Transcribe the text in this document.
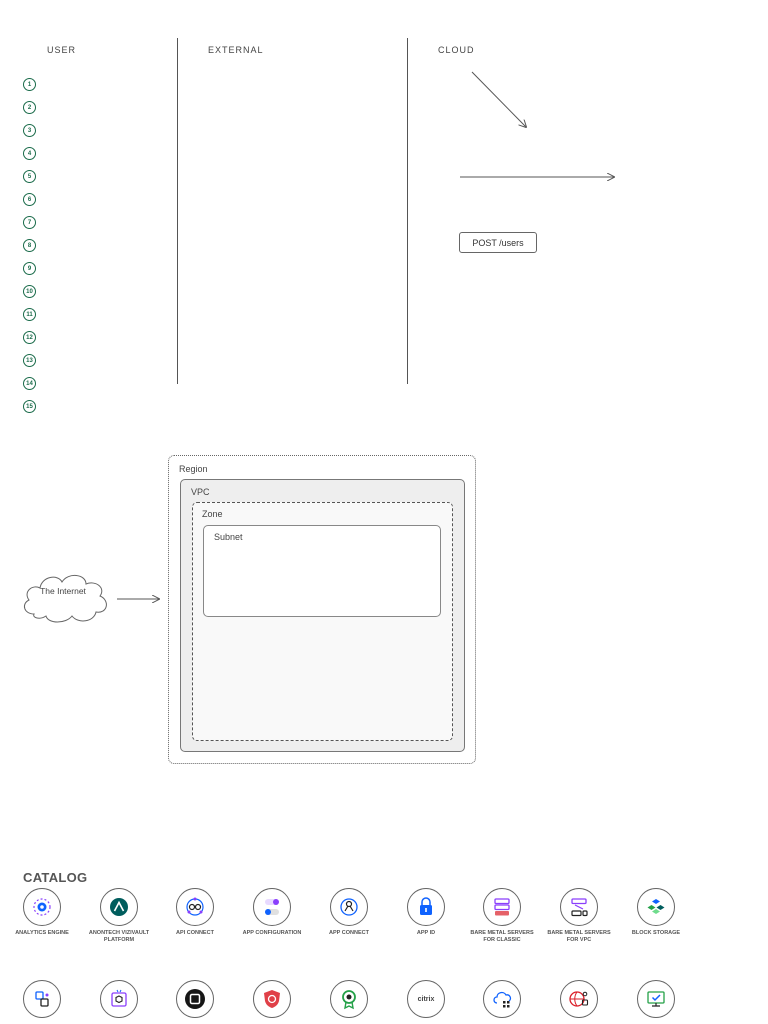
USER	EXTERNAL	CLOUD
1
2
3
4
5
6
7
8
9
10
11
12
13
14
15
POST /users
The Internet
Region
VPC
Zone
Subnet
CATALOG
ANALYTICS ENGINE	ANONTECH VIZIVAULT PLATFORM
API CONNECT	APP CONFIGURATION	APP CONNECT	APP ID	BARE METAL SERVERS FOR CLASSIC
BARE METAL SERVERS FOR VPC
BLOCK STORAGE
citrix
